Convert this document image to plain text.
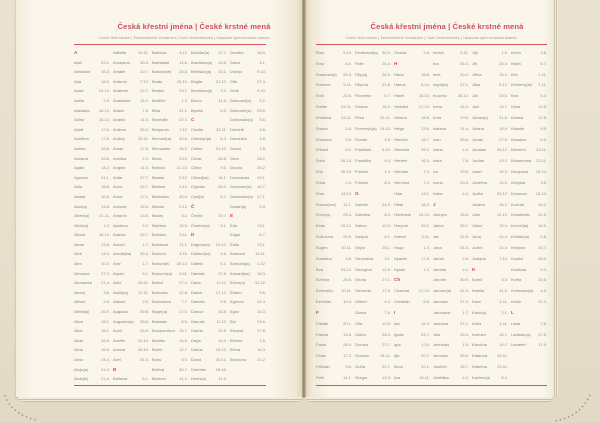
Česká křestní jména | České krstné mená	Česká křestní jména | České krstné mená
Czech first names | Tschechische Vornamen | Cseh keresztnevek | Чешские крестильные имена	Czech first names | Tschechische Vornamen | Cseh keresztnevek | Чешские крестильные имена
A
Abel	22.1.
Abrahám	16.3.
Ada	16.5.
Adam	24.12.
Adéla	2.9.
Adelaida 16.12.
Adina	16.12.
Adolf	17.6.
Adolfína	17.6.
Adrián	26.6.
Adriána	26.6.
Agáta	14.2.
Agnesa	21.1.
Aida	15.8.
Aladár	10.5.
Alan(a)	14.8.
Albert(a) 21.11.
Albín(a)	1.3.
Albína	16.12.
Alena	13.8.
Aleš	13.4.
Alex	10.2.
Alexandr	27.2.
Alexandra 21.4.
Alexej	3.5.
Alfons	2.8.
Alfréd(a)	26.9.
Alica	15.1.
Alice	15.1.
Alida	26.5.
Alina	16.5.
Alma	24.4.
Alojz(ia)	21.6.
Alois(ie)	21.6.
Alžběta	19.11.
Amadeus	30.3.
Amálie	10.7.
Ambrož	7.12.
Anabela	22.7.
Anastázie 15.4.
Anatol	7.5.
Anděla	11.3.
Andrea	26.9.
Andrej	30.11.
Aneta	17.5.
Anežka	2.3.
Angela	11.3.
Anita	27.7.
Anna	26.7.
Anton	17.1.
Antonie	12.6.
Antonín	13.6.
Apolena	9.2.
Aranka	28.7.
Arnold	1.7.
Arnošt(ka) 30.3.
Aron	1.7.
Arpád	5.1.
Artur	26.11.
Astrid(a)	12.11.
Atanáz	2.5.
Augusta	29.8.
Augustín(a) 28.8.
Aurel	25.9.
Aurélie	31.10.
Aurora	16.10.
Axel	31.3.
B
Baltazar	6.1.
Barbora	4.12.
Barnabáš	11.6.
Bartoloměj 24.8.
Beáta	25.10.
Beatrix	29.7.
Bedřich	1.3.
Běla	21.1.
Benedikt	22.3.
Benjamín	7.12.
Bernard(a) 20.8.
Bernadeta 18.2.
Berta	23.9.
Bertold	21.10.
Bianka	2.12.
Bibiána	2.12.
Blahoslav 30.4.
Blanka	2.12.
Blažej	3.2.
Blažena	10.5.
Bohdan	9.11.
Bohdana	11.1.
Bohumil	3.10.
Bohumila 28.12.
Bohumír(a) 8.11.
Bohuš	27.4.
Bohuslav	22.8.
Bohuslava	7.7.
Bojan(a)	17.5.
Boleslav	6.9.
Bonaventura 15.7.
Bonifác	14.5.
Bořek	12.7.
Boris	5.9.
Bořivoj	30.7.
Božena	11.2.
Božidar(a) 27.7.
Branislav(a) 10.6.
Břetislav(a) 10.1.
Brigita	21.10.
Bronislav(a) 3.9.
Bruno	11.6.
Bystrík	6.5.
C
Cecílie	22.11.
Celestýn(a) 6.4.
Celina	21.10.
Cézar	26.8.
Ctibor	9.5.
Ctirad(ka) 16.1.
Cyprián	26.9.
Cyril(a)	5.7.
Č
Čeněk	19.7.
Čestmír(a)	9.1.
D
Dagmar(a) 20.12.
Dalibor(ka) 4.6.
Dalimil	5.1.
Damián	27.9.
Dana	11.12.
Daniel	17.12.
Daniela	9.9.
Danica	16.8.
Danuše	11.12.
Darina	22.9.
Darja	10.4.
Dárius	19.12.
David	30.12.
Demeter 26.10.
Denis(a)	11.9.
Dezider	18.5.
Diana	4.1.
Dionýz	9.10.
Dita	27.3.
Diviš	9.10.
Dobromil(a) 5.2.
Dobromír(a) 29.5.
Dobroslav(a) 5.6.
Dominik	4.8.
Dominika	4.8.
Donát	7.8.
Dora	26.2.
Dorota	26.2.
Doubravka 19.1.
Drahomír(a) 18.7.
Drahoslav(a) 17.1.
Dušan(a)	9.4.
E
Eda	13.1.
Edgar	8.7.
Edita	13.1.
Edmond	16.11.
Edmund(a) 1.12.
Eduard(ka) 18.3.
Edvín(a) 31.12.
Efraim	9.6.
Egmont	24.4.
Egon	15.3.
Ela	24.6.
Eleazar	27.8.
Elektra	1.5.
Elena	16.3.
Eleonora	21.2.
Elza	5.10.
Ema	8.4.
Emanuel(a) 26.3.
Emerich	5.11.
Emil	22.5.
Emílie	24.11.
Emiliána 24.11.
Erazim	2.6.
Erazmus	2.6.
Erhard	8.1.
Erich	26.10.
Erik	26.10.
Erika	2.4.
Erna	13.10.
Ernest(ína) 12.1.
Ervín(a)	25.4.
Ester	19.12.
Eufrozína 25.9.
Eugen	10.11.
Eusebius	2.8.
Eva	24.12.
Evelína	29.8.
Evžen(ie) 10.11.
Ezechiel	10.4.
F
Fabián	20.1.
Fatima	13.5.
Faust	26.9.
Fedor	17.2.
Felicián	9.6.
Felix	14.1.
Ferdinand(a) 30.5.
Fidel	24.4.
Filip(a)	26.5.
Filipína	21.8.
Filoména	5.7.
Flavius	16.2.
Flóra	24.11.
Florentýn(a) 14.10.
Florián	4.5.
František	4.10.
Františka	9.3.
Fridrich	1.3.
Fridolín	6.3.
G
Gabriel	24.3.
Gabriela	8.3.
Galina	10.3.
Gašpar	6.1.
Gejza	25.1.
Genovéva	3.1.
Georgína	12.9.
Gerda	27.1.
Gertruda	17.3.
Gilbert	4.2.
Gizela	7.5.
Gita	10.6.
Glória	25.3.
Gorazd	27.7.
Gracián	18.12.
Gréta	22.7.
Gregor	12.3.
Gustáv	2.8.
H
Hana	15.8.
Hanuš	6.10.
Havel	16.10.
Hedvika	17.10.
Helena	18.8.
Helga	23.6.
Henrich	15.7.
Henrieta	28.2.
Herbert	16.3.
Heřman	7.4.
Hermína	7.4.
Hilar	13.1.
Hilda	18.3.
Hortenzie 24.10.
Horymír	29.2.
Hubert	3.11.
Hugo	1.4.
Hyacint	17.8.
Hynek	1.2.
Ch
Charlota 27.10.
Christián	5.8.
I
Ida	15.3.
Ignác	31.7.
Igor	1.10.
Ilja	20.7.
Ilona	20.1.
Ilza	16.11.
Imrich	5.11.
Ina	26.4.
Ines	20.4.
Ingrid(a)	27.1.
Inocenc	28.12.
Irena	16.4.
Irma	10.9.
Isabela	11.4.
Ivan	25.6.
Ivana	4.4.
Iveta	7.6.
Ivo	19.5.
Ivona	23.3.
Izidor	4.4.
J
Jáchym	16.8.
Jakub	25.7.
Jan	24.6.
Jana	24.5.
Jarmil	2.6.
Jarmila	4.2.
Jarolím	30.9.
Jaromír(a) 24.9.
Jaroslav	27.4.
Jaroslava	1.7.
Jasmína	27.2.
Jela	19.4.
Jeremiáš	1.5.
Jeroným	30.9.
Jindřich	15.7.
Jindřiška	4.9.
Jiljí	1.9.
Jiří	24.4.
Jiřina	15.2.
Jitka	5.12.
Job	10.5.
Joel	13.7.
Johan(a)	21.8.
Jolana	15.9.
Jonáš	27.9.
Jonatan	29.12.
Jordán	13.2.
Josef	19.3.
Jozefína	14.3.
Judita	29.12.
Juliána	16.2.
Julie	10.12.
Julius	12.4.
Juraj	24.4.
Justín	14.4.
Justýna	7.10.
K
Kamil	3.3.
Kamila	31.5.
Karel	4.11.
Karin(a)	2.1.
Karla	4.11.
Karmen	16.7.
Karolína	14.7.
Katarína	25.11.
Kateřina	25.11.
Kazimír(a)	5.3.
Kevin	3.6.
Kilián	8.7.
Kim	1.11.
Kimberly(ie) 1.11.
Kira	5.4.
Klára	12.8.
Klarisa	12.8.
Klaudie	5.5.
Klaudius	5.5.
Klement	23.11.
Klementína 23.11.
Kleopatra 19.10.
Klotylda	3.6.
Koloman 13.10.
Konrád	19.2.
Konstantin 21.5.
Kornel(ia) 16.9.
Kristián(a)	5.8.
Kristýna	24.7.
Kryštof	18.9.
Kunhuta	9.3.
Květa	20.6.
Květoslav(a) 4.5.
Kvido	31.3.
L
Lada	7.8.
Ladislav(a) 27.6.
Lambert	17.9.
